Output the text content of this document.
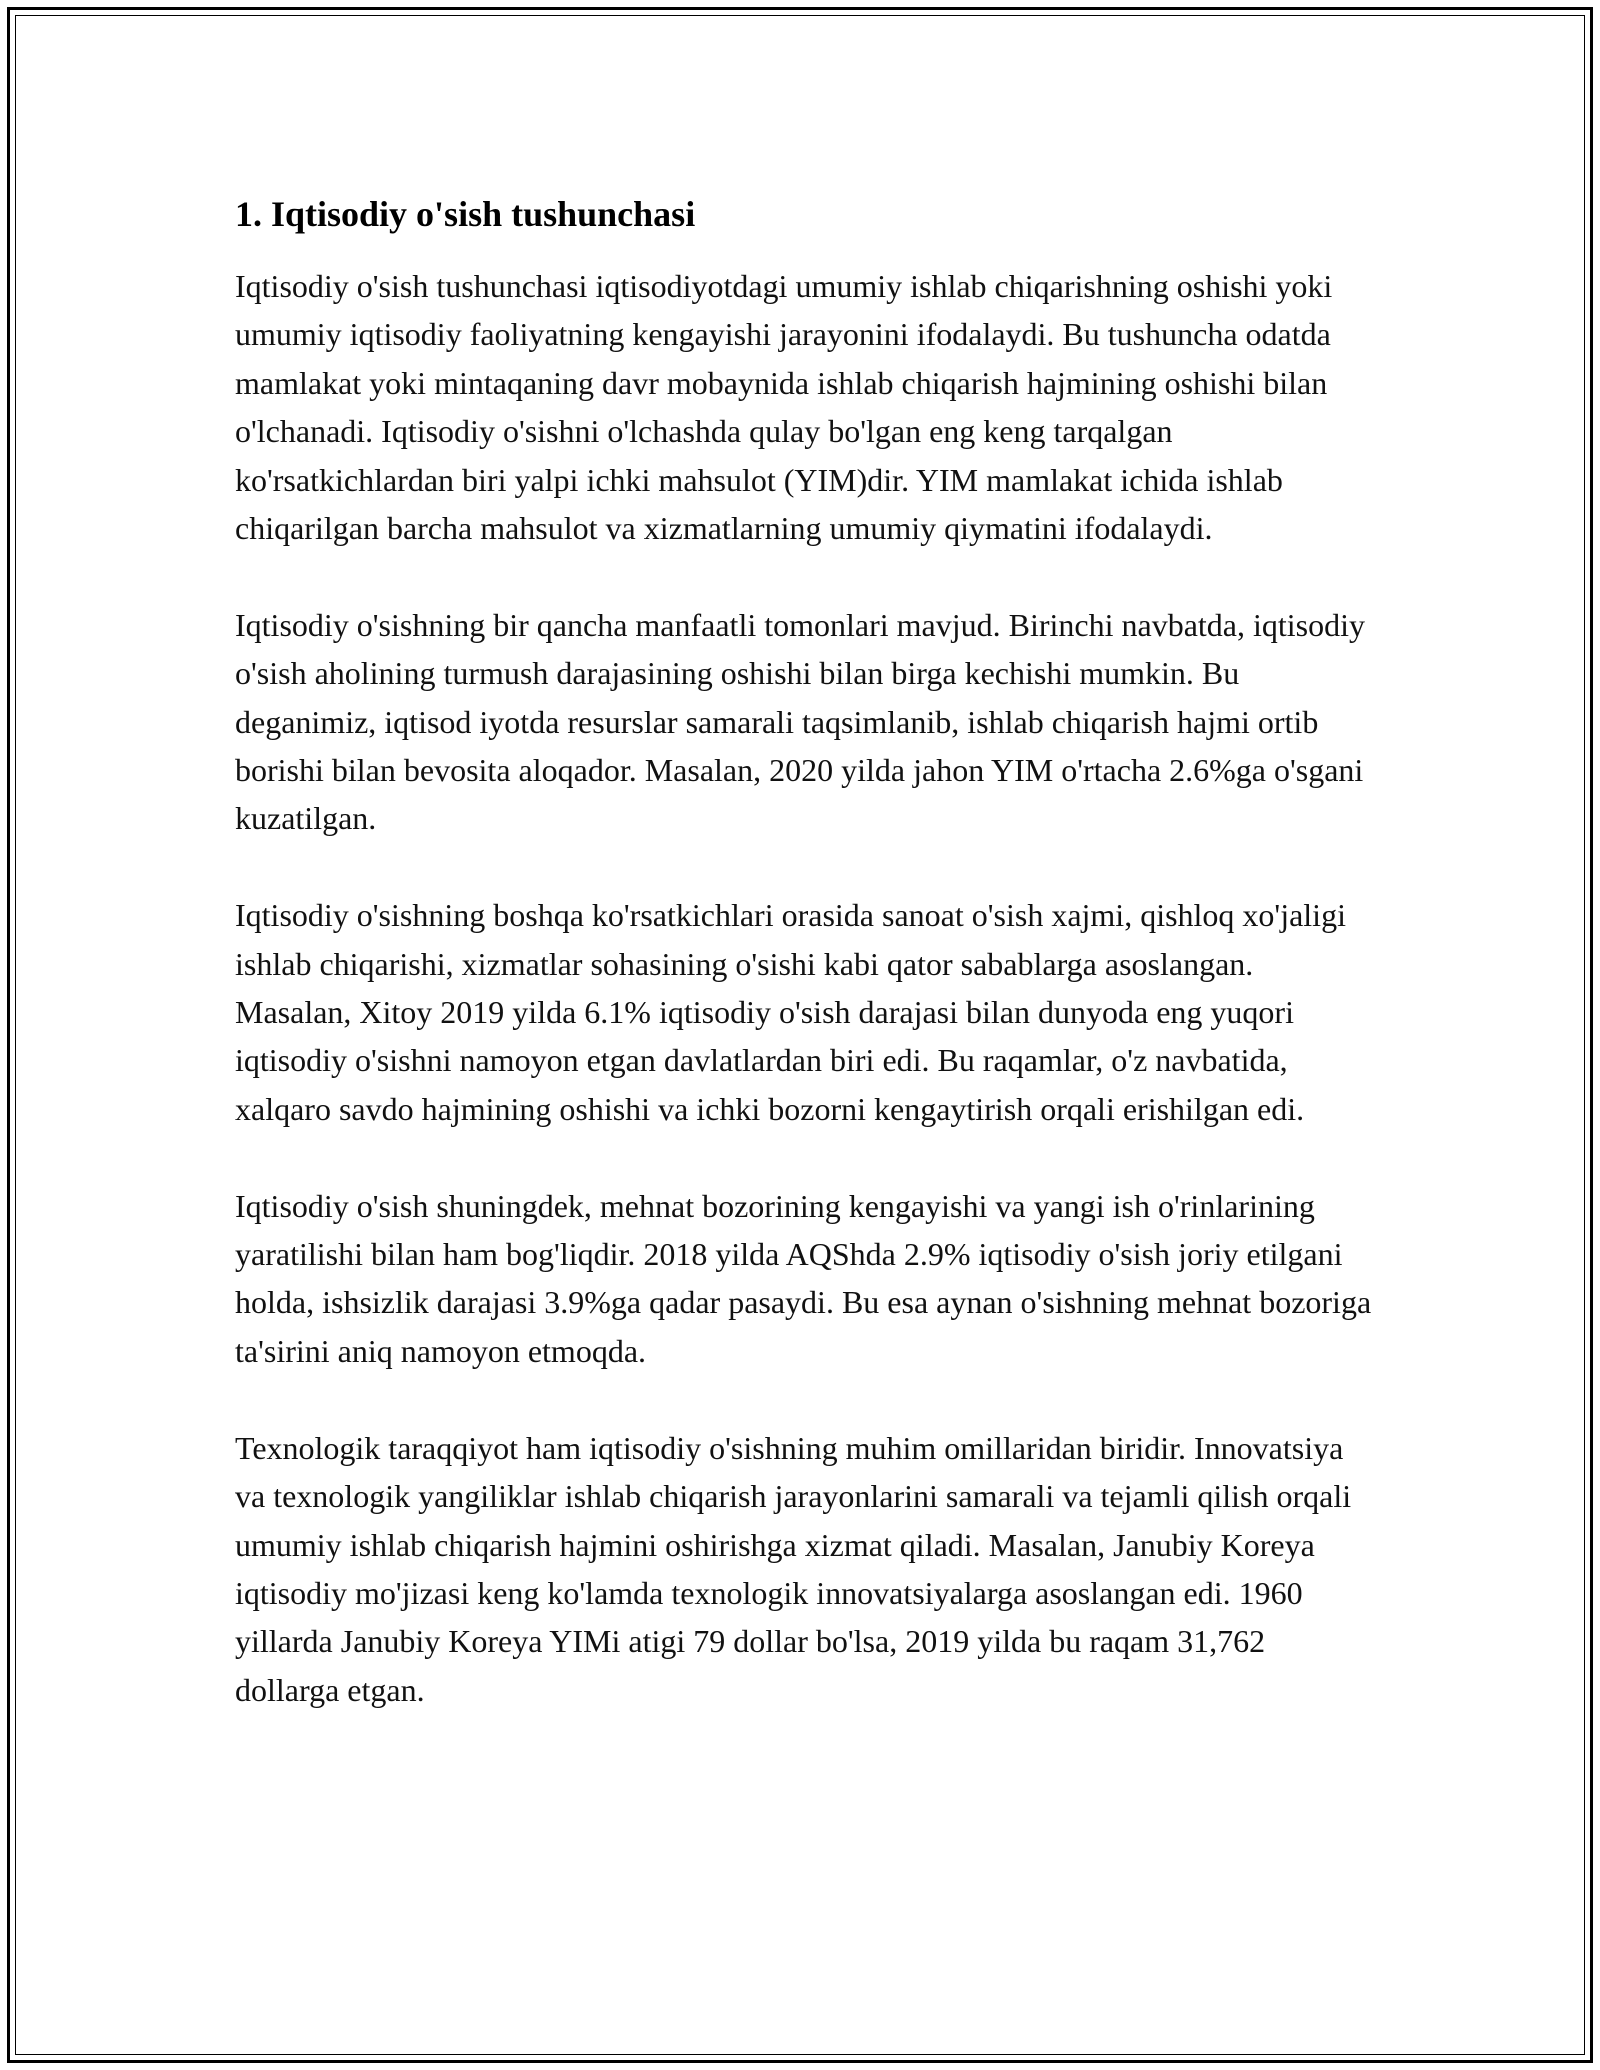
1. Iqtisodiy o'sish tushunchasi

Iqtisodiy o'sish tushunchasi iqtisodiyotdagi umumiy ishlab chiqarishning oshishi yoki umumiy iqtisodiy faoliyatning kengayishi jarayonini ifodalaydi. Bu tushuncha odatda mamlakat yoki mintaqaning davr mobaynida ishlab chiqarish hajmining oshishi bilan o'lchanadi. Iqtisodiy o'sishni o'lchashda qulay bo'lgan eng keng tarqalgan ko'rsatkichlardan biri yalpi ichki mahsulot (YIM)dir. YIM mamlakat ichida ishlab chiqarilgan barcha mahsulot va xizmatlarning umumiy qiymatini ifodalaydi.

Iqtisodiy o'sishning bir qancha manfaatli tomonlari mavjud. Birinchi navbatda, iqtisodiy o'sish aholining turmush darajasining oshishi bilan birga kechishi mumkin. Bu deganimiz, iqtisod iyotda resurslar samarali taqsimlanib, ishlab chiqarish hajmi ortib borishi bilan bevosita aloqador. Masalan, 2020 yilda jahon YIM o'rtacha 2.6%ga o'sgani kuzatilgan.

Iqtisodiy o'sishning boshqa ko'rsatkichlari orasida sanoat o'sish xajmi, qishloq xo'jaligi ishlab chiqarishi, xizmatlar sohasining o'sishi kabi qator sabablarga asoslangan. Masalan, Xitoy 2019 yilda 6.1% iqtisodiy o'sish darajasi bilan dunyoda eng yuqori iqtisodiy o'sishni namoyon etgan davlatlardan biri edi. Bu raqamlar, o'z navbatida, xalqaro savdo hajmining oshishi va ichki bozorni kengaytirish orqali erishilgan edi.

Iqtisodiy o'sish shuningdek, mehnat bozorining kengayishi va yangi ish o'rinlarining yaratilishi bilan ham bog'liqdir. 2018 yilda AQShda 2.9% iqtisodiy o'sish joriy etilgani holda, ishsizlik darajasi 3.9%ga qadar pasaydi. Bu esa aynan o'sishning mehnat bozoriga ta'sirini aniq namoyon etmoqda.

Texnologik taraqqiyot ham iqtisodiy o'sishning muhim omillaridan biridir. Innovatsiya va texnologik yangiliklar ishlab chiqarish jarayonlarini samarali va tejamli qilish orqali umumiy ishlab chiqarish hajmini oshirishga xizmat qiladi. Masalan, Janubiy Koreya iqtisodiy mo'jizasi keng ko'lamda texnologik innovatsiyalarga asoslangan edi. 1960 yillarda Janubiy Koreya YIMi atigi 79 dollar bo'lsa, 2019 yilda bu raqam 31,762 dollarga etgan.
